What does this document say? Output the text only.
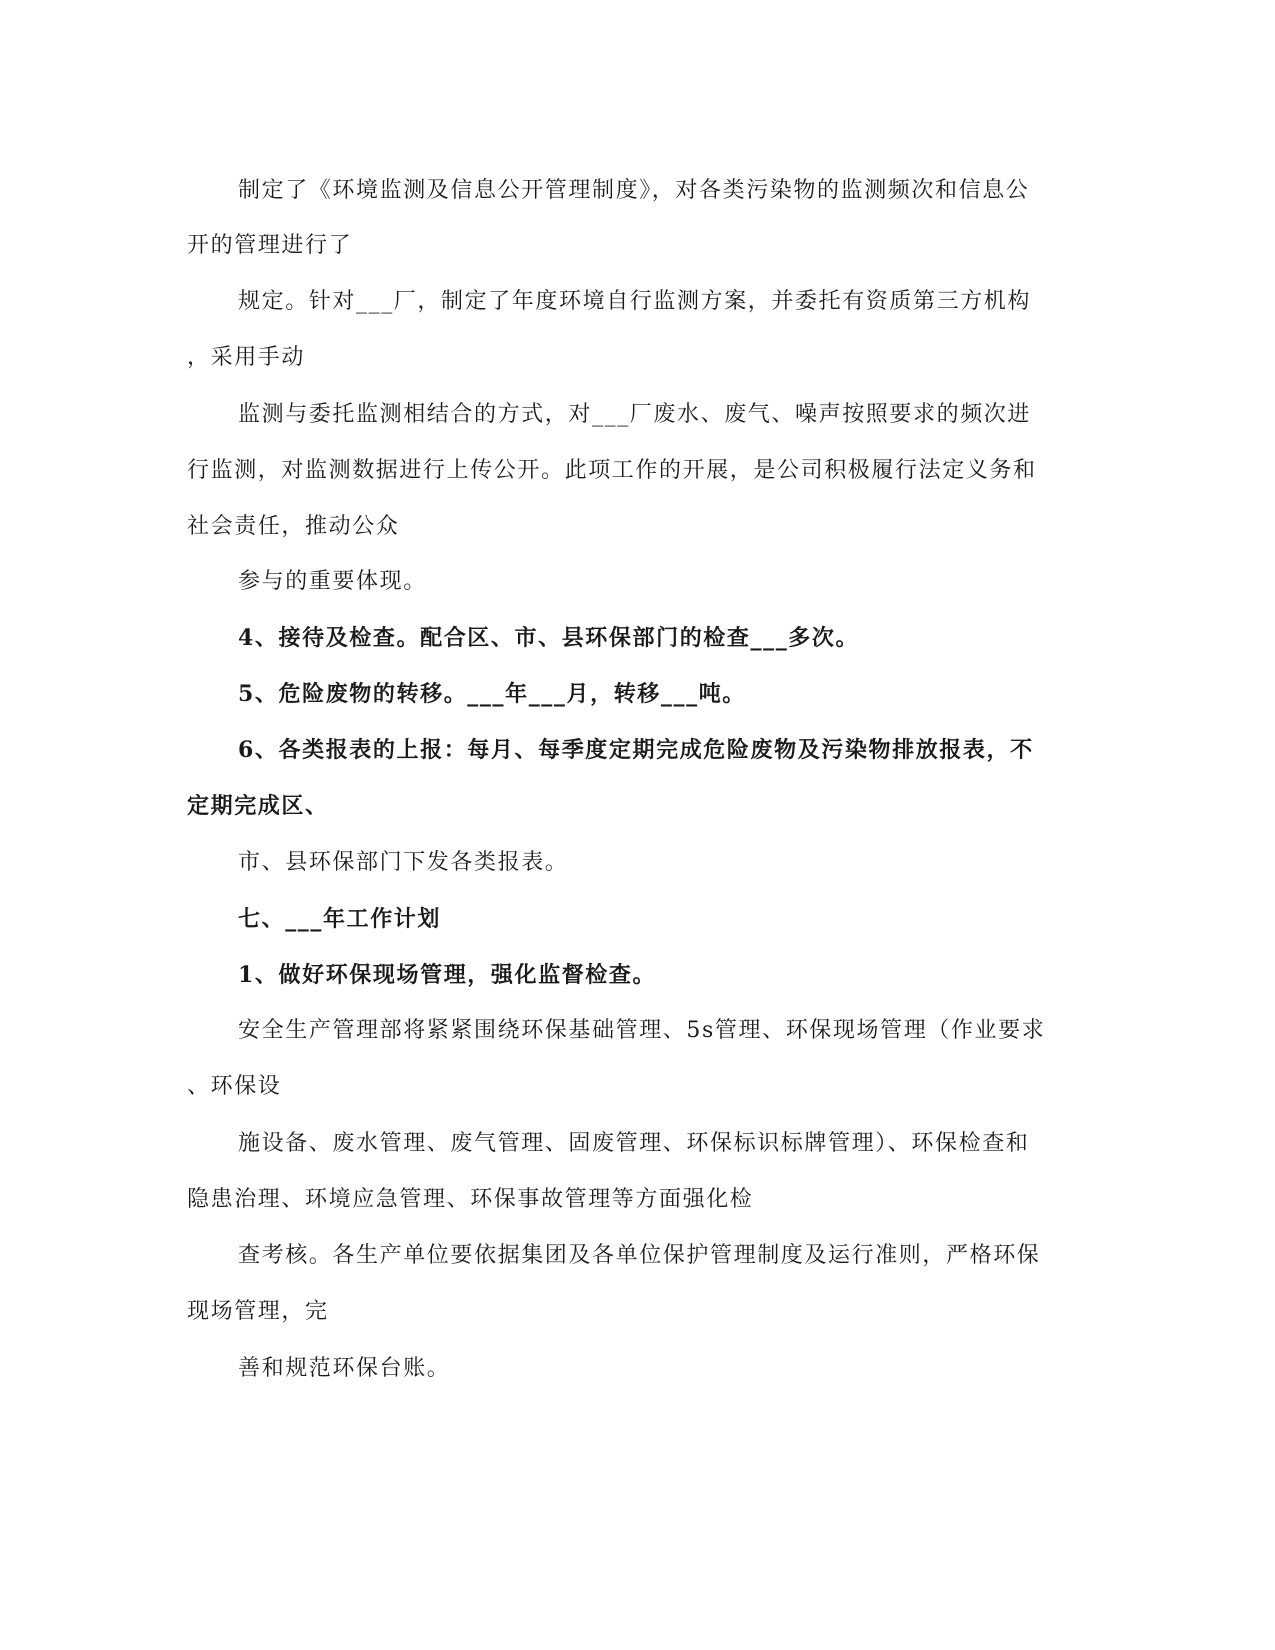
制定了《环境监测及信息公开管理制度》，对各类污染物的监测频次和信息公
开的管理进行了
规定。针对___厂，制定了年度环境自行监测方案，并委托有资质第三方机构
，采用手动
监测与委托监测相结合的方式，对___厂废水、废气、噪声按照要求的频次进
行监测，对监测数据进行上传公开。此项工作的开展，是公司积极履行法定义务和
社会责任，推动公众
参与的重要体现。
4、接待及检查。配合区、市、县环保部门的检查___多次。
5、危险废物的转移。___年___月，转移___吨。
6、各类报表的上报：每月、每季度定期完成危险废物及污染物排放报表，不
定期完成区、
市、县环保部门下发各类报表。
七、___年工作计划
1、做好环保现场管理，强化监督检查。
安全生产管理部将紧紧围绕环保基础管理、5s管理、环保现场管理（作业要求
、环保设
施设备、废水管理、废气管理、固废管理、环保标识标牌管理）、环保检查和
隐患治理、环境应急管理、环保事故管理等方面强化检
查考核。各生产单位要依据集团及各单位保护管理制度及运行准则，严格环保
现场管理，完
善和规范环保台账。
